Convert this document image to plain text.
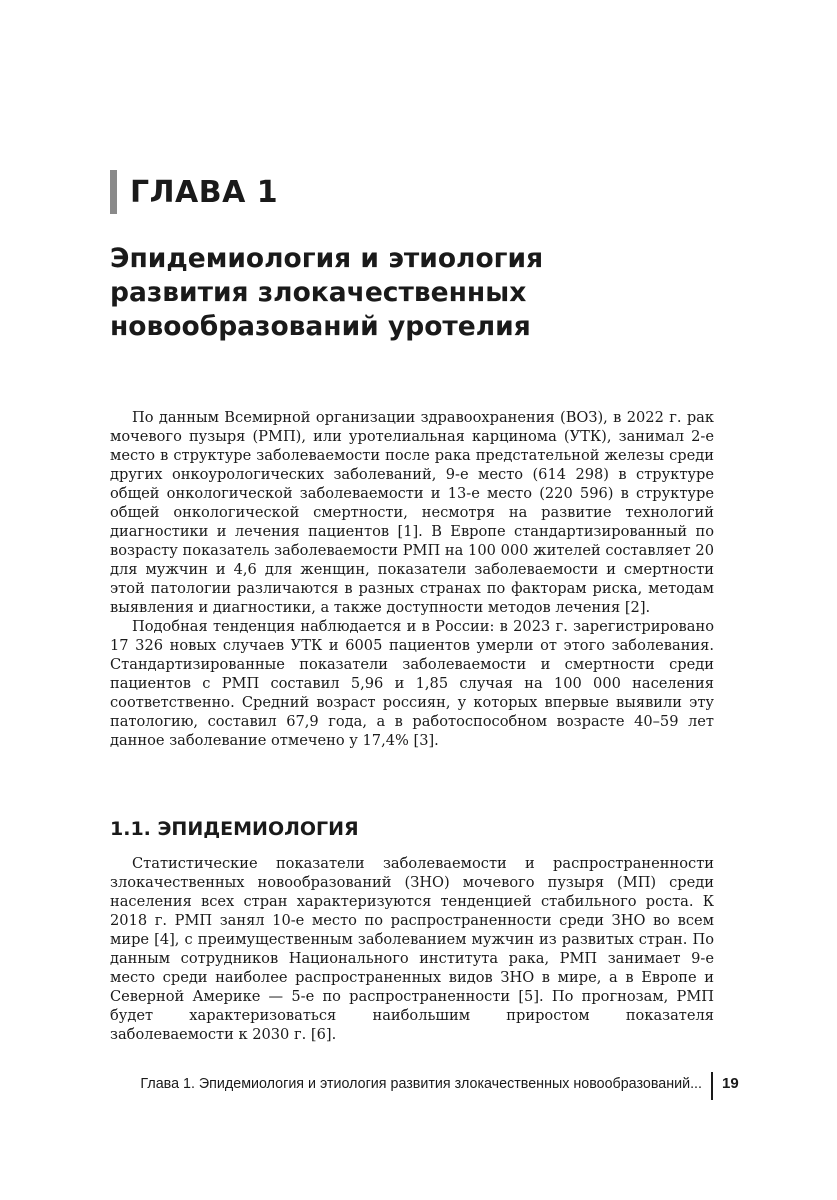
ГЛАВА 1
Эпидемиология и этиология
развития злокачественных
новообразований уротелия

По данным Всемирной организации здравоохранения (ВОЗ), в 2022 г. рак мочевого пузыря (РМП), или уротелиальная карцинома (УТК), занимал 2-е место в структуре заболеваемости после рака предстательной железы среди других онкоурологических заболеваний, 9-е место (614 298) в структуре общей онкологической заболеваемости и 13-е место (220 596) в структуре общей онкологической смертности, несмотря на развитие технологий диагностики и лечения пациентов [1]. В Европе стандартизированный по возрасту показатель заболеваемости РМП на 100 000 жителей составляет 20 для мужчин и 4,6 для женщин, показатели заболеваемости и смертности этой патологии различаются в разных странах по факторам риска, методам выявления и диагностики, а также доступности методов лечения [2].

Подобная тенденция наблюдается и в России: в 2023 г. зарегистрировано 17 326 новых случаев УТК и 6005 пациентов умерли от этого заболевания. Стандартизированные показатели заболеваемости и смертности среди пациентов с РМП составил 5,96 и 1,85 случая на 100 000 населения соответственно. Средний возраст россиян, у которых впервые выявили эту патологию, составил 67,9 года, а в работоспособном возрасте 40–59 лет данное заболевание отмечено у 17,4% [3].

1.1. ЭПИДЕМИОЛОГИЯ

Статистические показатели заболеваемости и распространенности злокачественных новообразований (ЗНО) мочевого пузыря (МП) среди населения всех стран характеризуются тенденцией стабильного роста. К 2018 г. РМП занял 10-е место по распространенности среди ЗНО во всем мире [4], с преимущественным заболеванием мужчин из развитых стран. По данным сотрудников Национального института рака, РМП занимает 9-е место среди наиболее распространенных видов ЗНО в мире, а в Европе и Северной Америке — 5-е по распространенности [5]. По прогнозам, РМП будет характеризоваться наибольшим приростом показателя заболеваемости к 2030 г. [6].

Глава 1. Эпидемиология и этиология развития злокачественных новообразований... 19
